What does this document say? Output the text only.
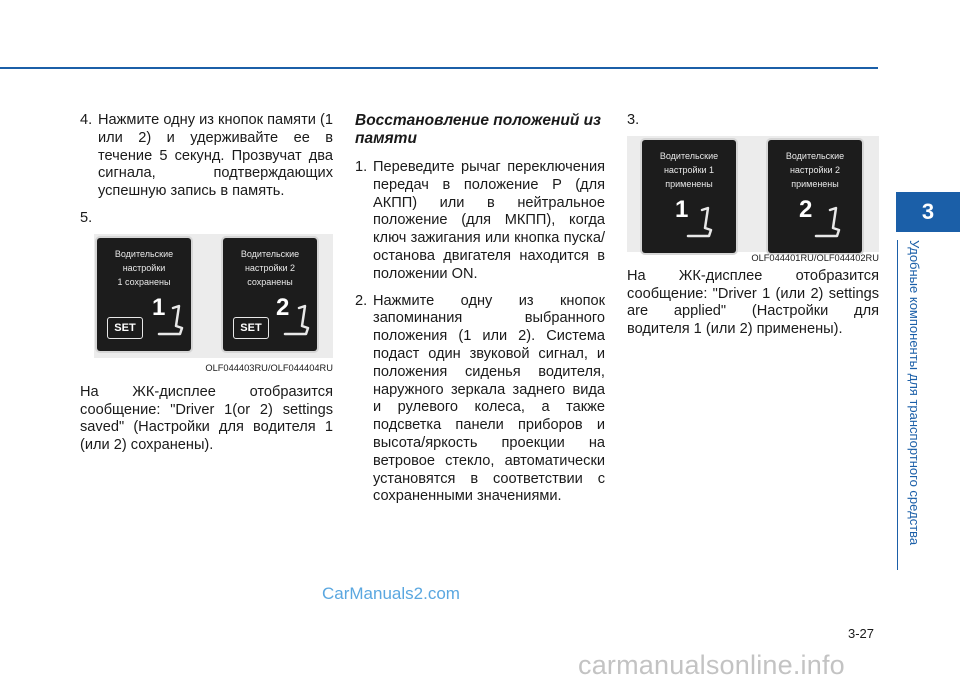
4. Нажмите одну из кнопок памяти (1 или 2) и удерживайте ее в течение 5 секунд. Прозвучат два сигнала, подтверждающих успешную запись в память.

5.

Водительские
настройки
1 сохранены
SET
1
Водительские
настройки 2
сохранены
SET
2
OLF044403RU/OLF044404RU

На ЖК-дисплее отобразится сообщение: "Driver 1(or 2) settings saved" (Настройки для водителя 1 (или 2) сохранены).

Восстановление положений из памяти

1. Переведите рычаг переключения передач в положение P (для АКПП) или в нейтральное положение (для МКПП), когда ключ зажигания или кнопка пуска/останова двигателя находится в положении ON.

2. Нажмите одну из кнопок запоминания выбранного положения (1 или 2). Система подаст один звуковой сигнал, и положения сиденья водителя, наружного зеркала заднего вида и рулевого колеса, а также подсветка панели приборов и высота/яркость проекции на ветровое стекло, автоматически установятся в соответствии с сохраненными значениями.

3.

Водительские
настройки 1
применены
1
Водительские
настройки 2
применены
2
OLF044401RU/OLF044402RU

На ЖК-дисплее отобразится сообщение: "Driver 1 (или 2) settings are applied" (Настройки для водителя 1 (или 2) применены).

3
Удобные компоненты для транспортного средства
3-27
CarManuals2.com
carmanualsonline.info
